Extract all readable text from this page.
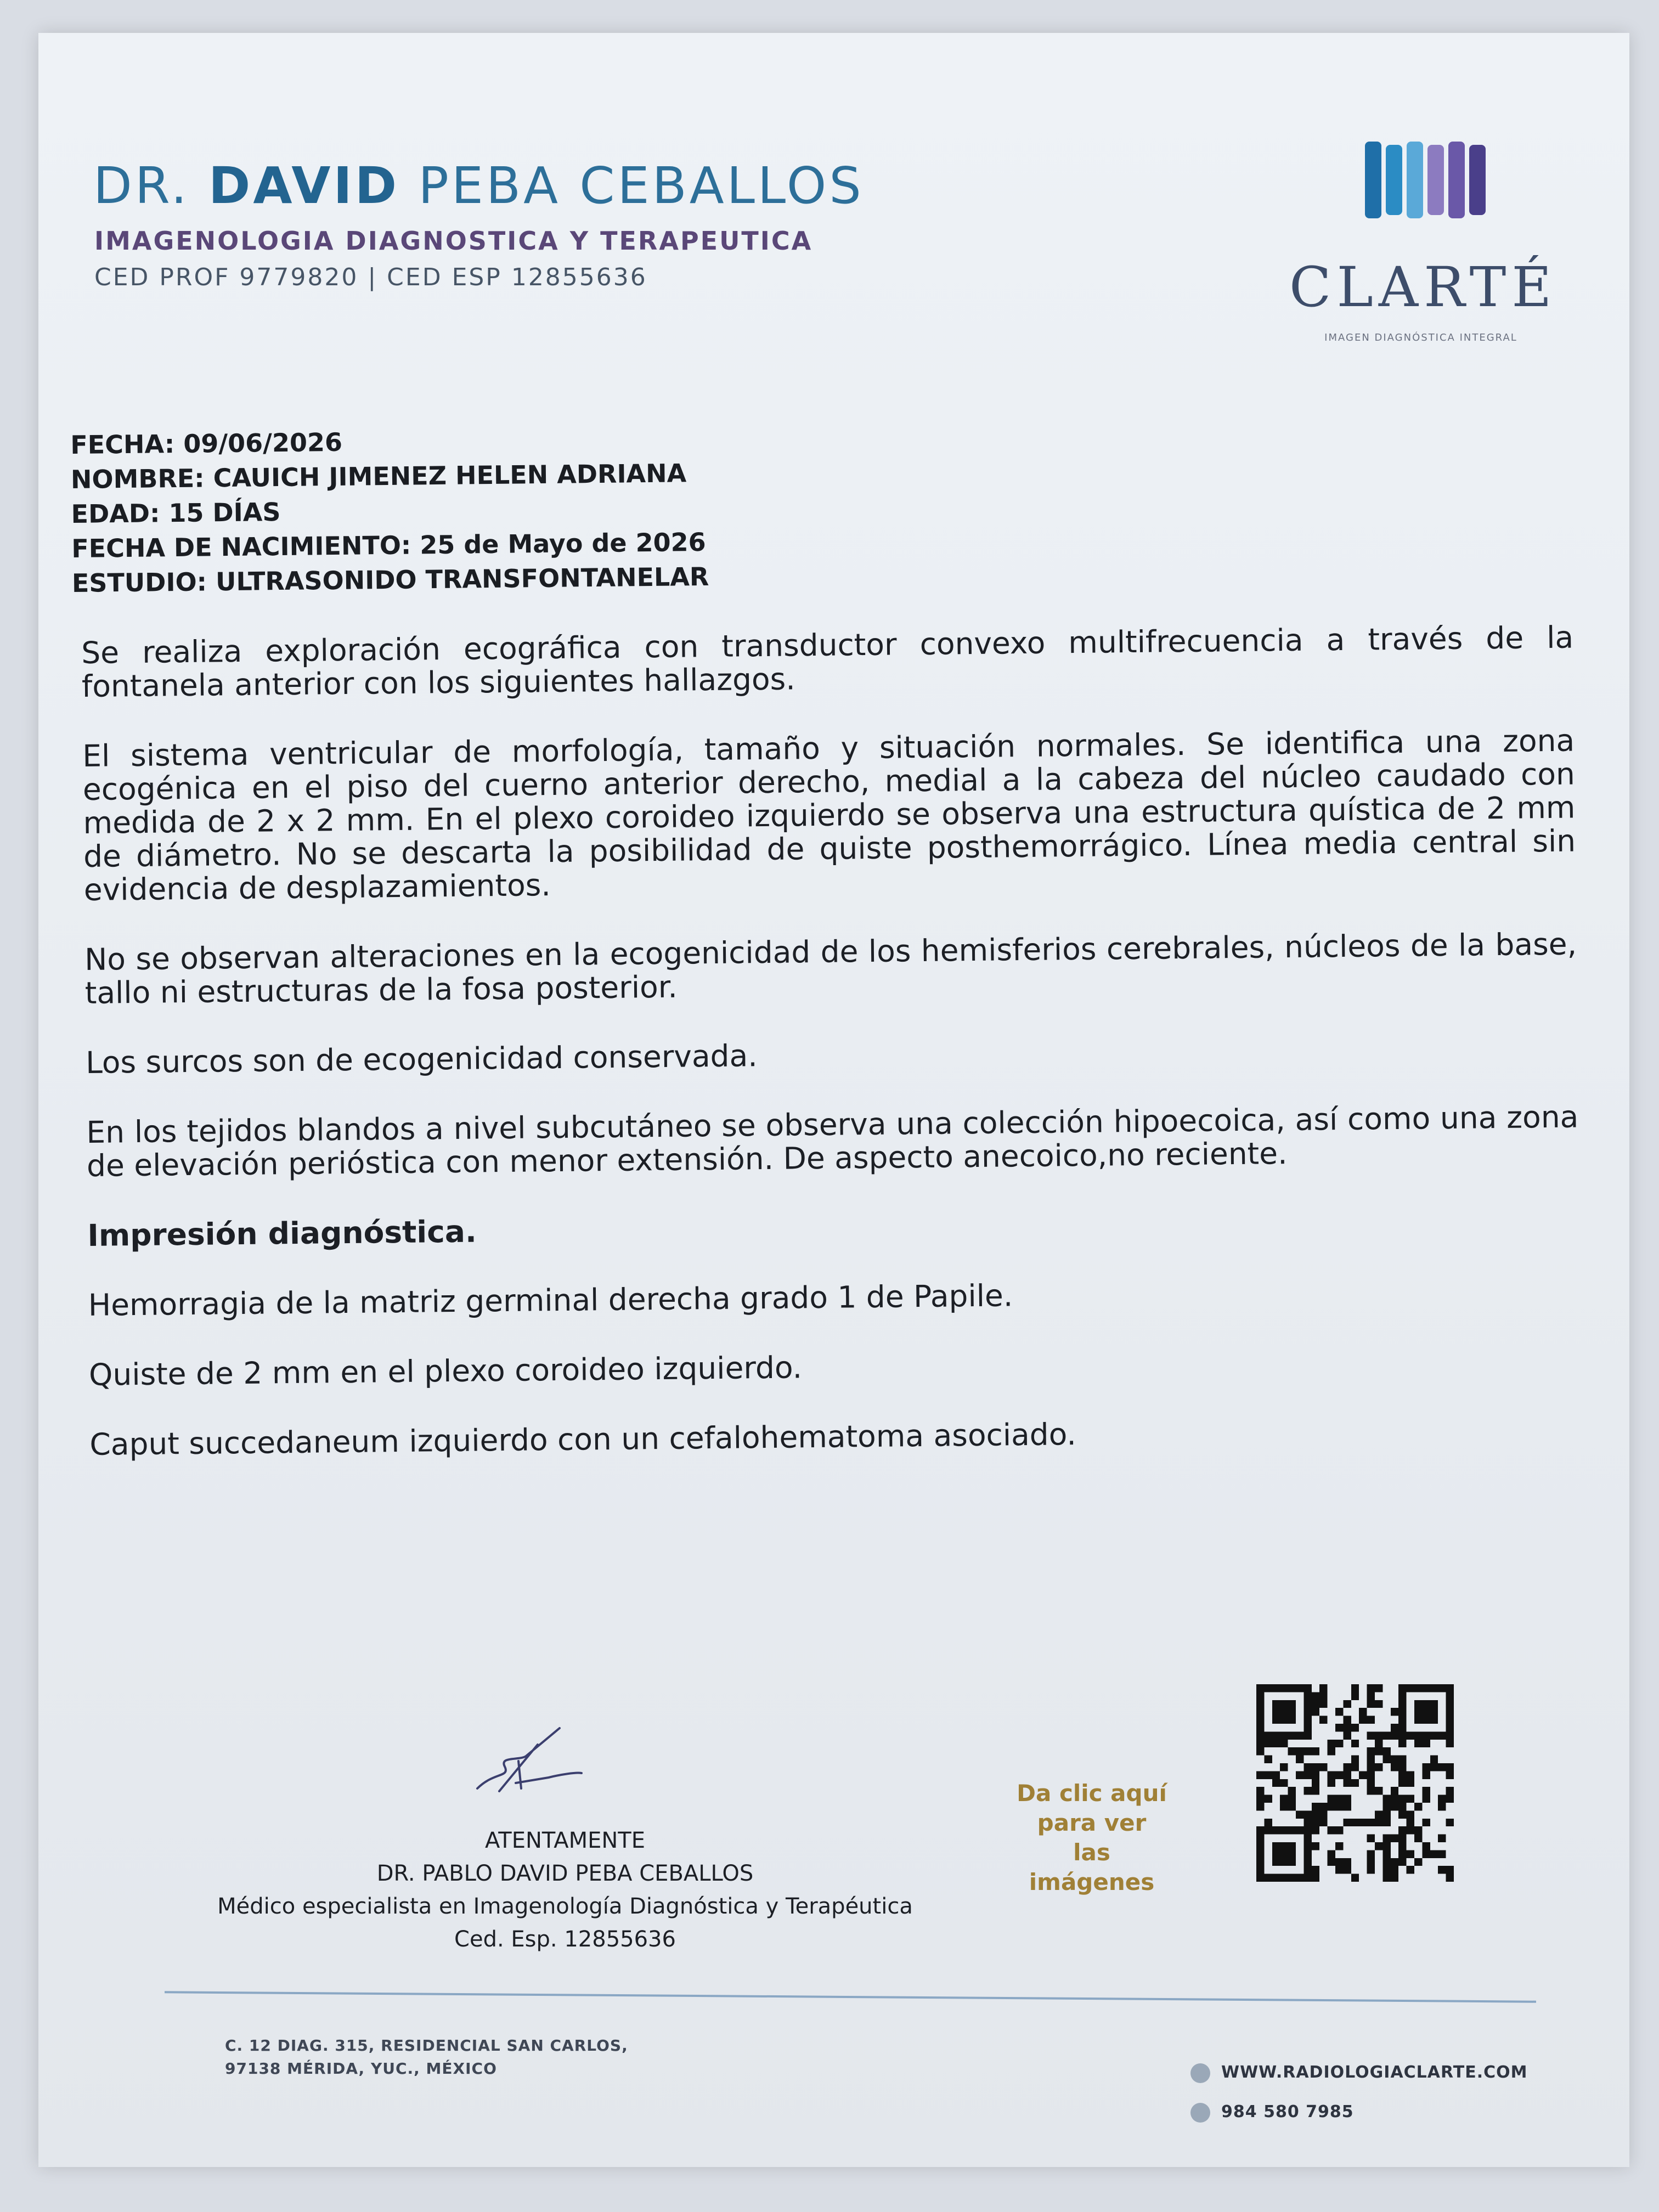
DR. DAVID PEBA CEBALLOS
IMAGENOLOGIA DIAGNOSTICA Y TERAPEUTICA
CED PROF 9779820 | CED ESP 12855636	CLARTÉ
IMAGEN DIAGNÓSTICA INTEGRAL
FECHA: 09/06/2026
NOMBRE: CAUICH JIMENEZ HELEN ADRIANA
EDAD: 15 DÍAS
FECHA DE NACIMIENTO: 25 de Mayo de 2026
ESTUDIO: ULTRASONIDO TRANSFONTANELAR

Se realiza exploración ecográfica con transductor convexo multifrecuencia a través de la fontanela anterior con los siguientes hallazgos.

El sistema ventricular de morfología, tamaño y situación normales. Se identifica una zona ecogénica en el piso del cuerno anterior derecho, medial a la cabeza del núcleo caudado con medida de 2 x 2 mm. En el plexo coroideo izquierdo se observa una estructura quística de 2 mm de diámetro. No se descarta la posibilidad de quiste posthemorrágico. Línea media central sin evidencia de desplazamientos.

No se observan alteraciones en la ecogenicidad de los hemisferios cerebrales, núcleos de la base, tallo ni estructuras de la fosa posterior.

Los surcos son de ecogenicidad conservada.

En los tejidos blandos a nivel subcutáneo se observa una colección hipoecoica, así como una zona de elevación perióstica con menor extensión. De aspecto anecoico,no reciente.

Impresión diagnóstica.

Hemorragia de la matriz germinal derecha grado 1 de Papile.

Quiste de 2 mm en el plexo coroideo izquierdo.

Caput succedaneum izquierdo con un cefalohematoma asociado.

ATENTAMENTE
DR. PABLO DAVID PEBA CEBALLOS
Médico especialista en Imagenología Diagnóstica y Terapéutica
Ced. Esp. 12855636
Da clic aquí
para ver las
imágenes
C. 12 DIAG. 315, RESIDENCIAL SAN CARLOS,
97138 MÉRIDA, YUC., MÉXICO	WWW.RADIOLOGIACLARTE.COM
984 580 7985
